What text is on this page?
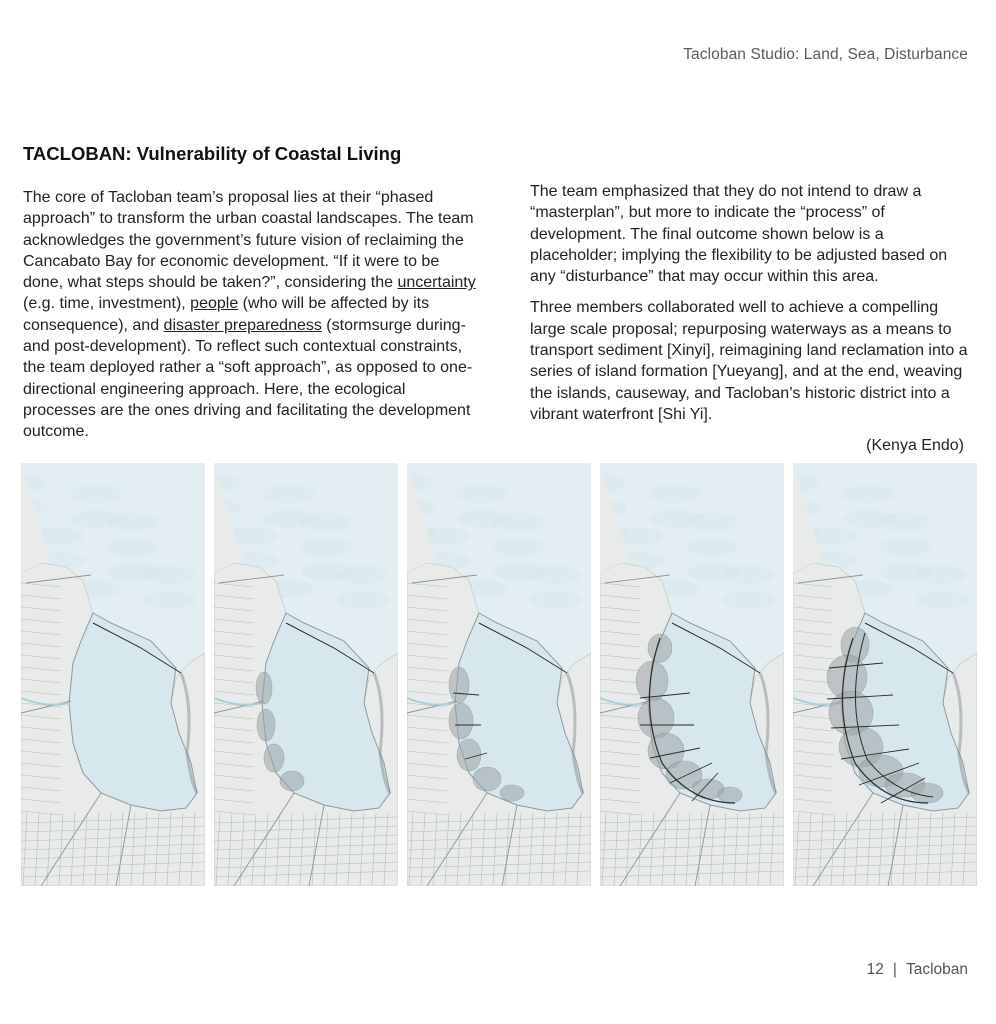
Tacloban Studio: Land, Sea, Disturbance
TACLOBAN: Vulnerability of Coastal Living

The core of Tacloban team’s proposal lies at their “phased approach” to transform the urban coastal landscapes. The team acknowledges the government’s future vision of reclaiming the Cancabato Bay for economic development. “If it were to be done, what steps should be taken?”, considering the uncertainty (e.g. time, investment), people (who will be affected by its consequence), and disaster preparedness (stormsurge during- and post-development). To reflect such contextual constraints, the team deployed rather a “soft approach”, as opposed to one-directional engineering approach. Here, the ecological processes are the ones driving and facilitating the development outcome.

The team emphasized that they do not intend to draw a “masterplan”, but more to indicate the “process” of development. The final outcome shown below is a placeholder; implying the flexibility to be adjusted based on any “disturbance” that may occur within this area.

Three members collaborated well to achieve a compelling large scale proposal; repurposing waterways as a means to transport sediment [Xinyi], reimagining land reclamation into a series of island formation [Yueyang], and at the end, weaving the islands, causeway, and Tacloban’s historic district into a vibrant waterfront [Shi Yi].

(Kenya Endo)

12 | Tacloban
